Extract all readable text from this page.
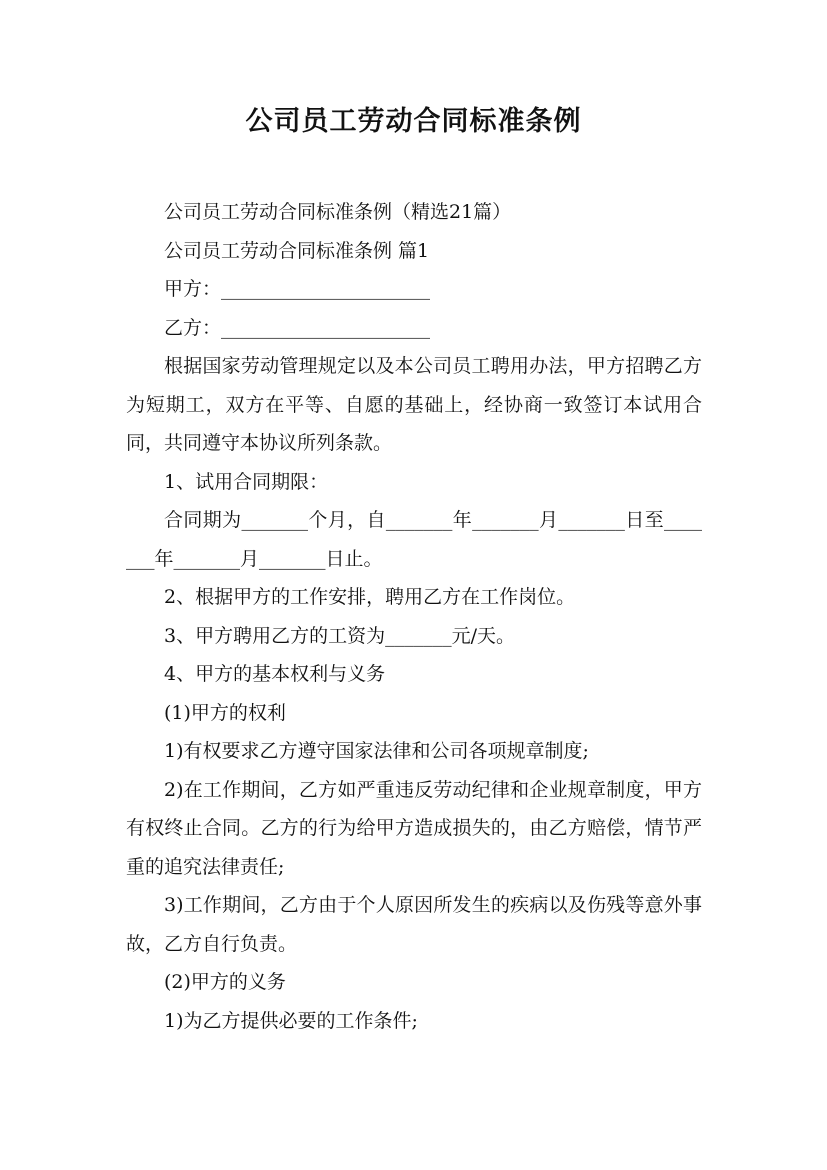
公司员工劳动合同标准条例

公司员工劳动合同标准条例（精选21篇）

公司员工劳动合同标准条例 篇1

甲方：______________________

乙方：______________________

根据国家劳动管理规定以及本公司员工聘用办法，甲方招聘乙方为短期工，双方在平等、自愿的基础上，经协商一致签订本试用合同，共同遵守本协议所列条款。

1、试用合同期限：

合同期为_______个月，自_______年_______月_______日至_______年_______月_______日止。

2、根据甲方的工作安排，聘用乙方在工作岗位。

3、甲方聘用乙方的工资为_______元/天。

4、甲方的基本权利与义务

(1)甲方的权利

1)有权要求乙方遵守国家法律和公司各项规章制度;

2)在工作期间，乙方如严重违反劳动纪律和企业规章制度，甲方有权终止合同。乙方的行为给甲方造成损失的，由乙方赔偿，情节严重的追究法律责任;

3)工作期间，乙方由于个人原因所发生的疾病以及伤残等意外事故，乙方自行负责。

(2)甲方的义务

1)为乙方提供必要的工作条件;
